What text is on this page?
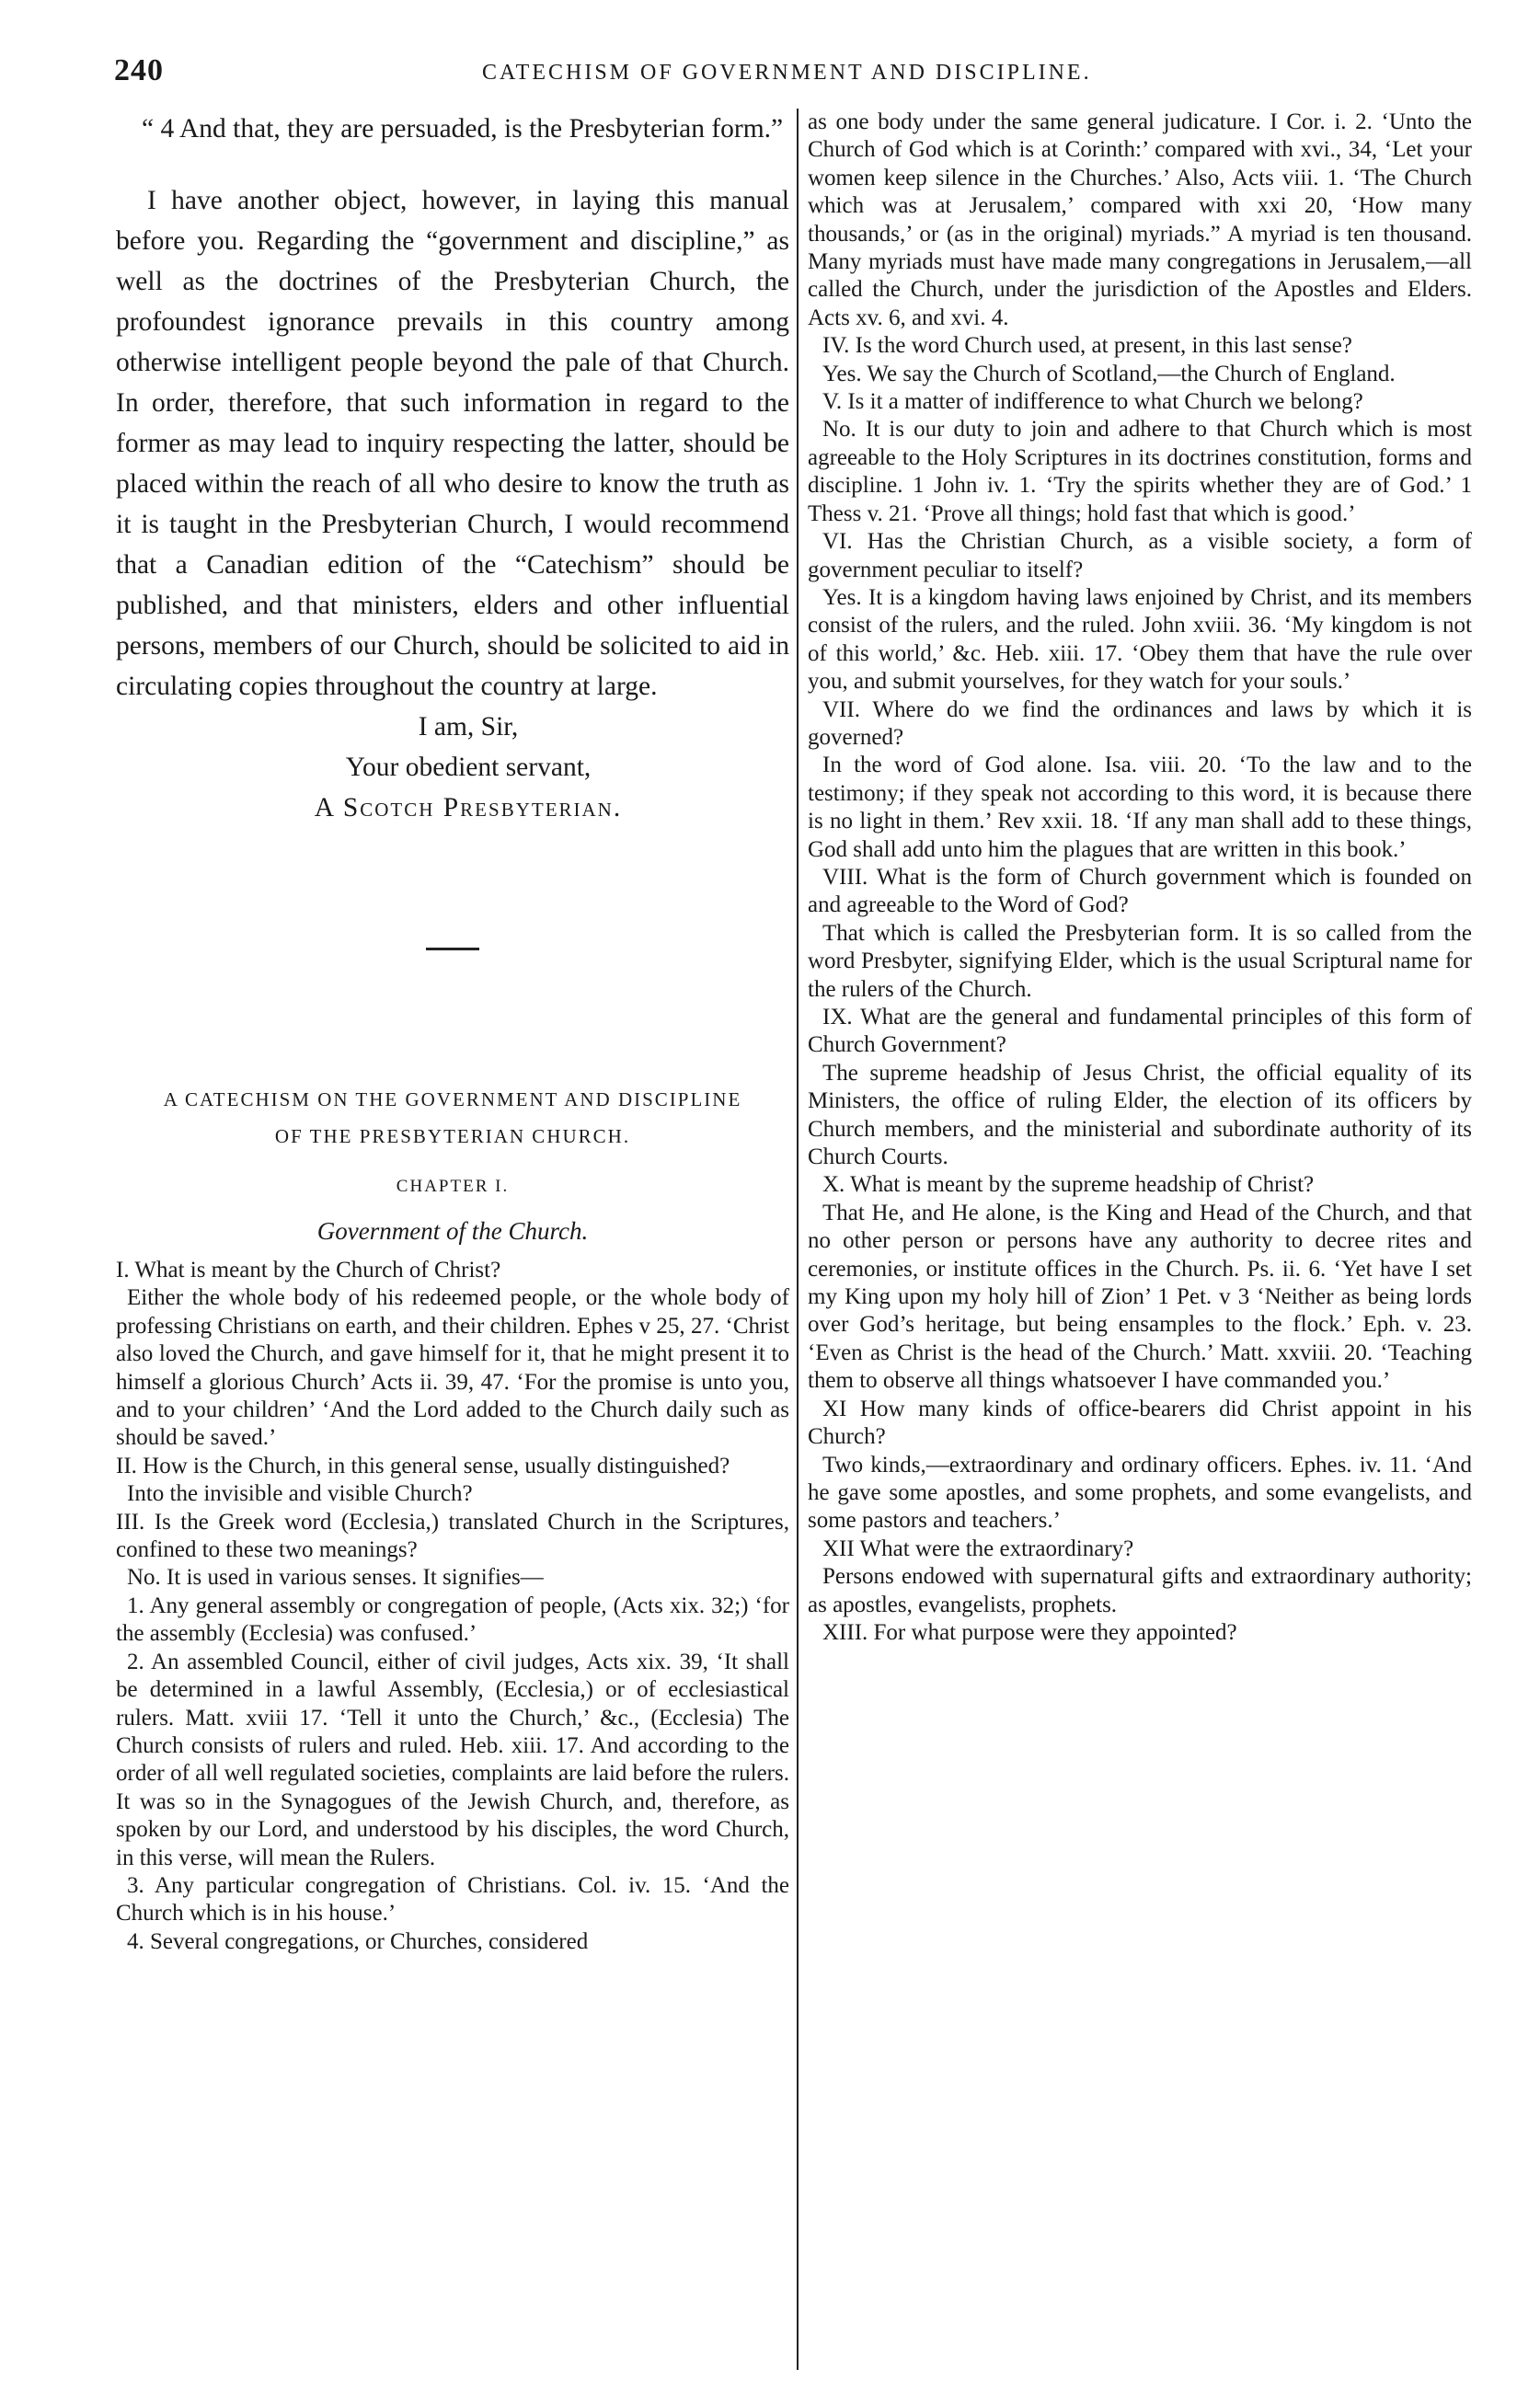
240	CATECHISM OF GOVERNMENT AND DISCIPLINE.

“ 4 And that, they are persuaded, is the Presbyterian form.”

I have another object, however, in laying this manual before you. Regarding the “government and discipline,” as well as the doctrines of the Presbyterian Church, the profoundest ignorance prevails in this country among otherwise intelligent people beyond the pale of that Church. In order, therefore, that such information in regard to the former as may lead to inquiry respecting the latter, should be placed within the reach of all who desire to know the truth as it is taught in the Presbyterian Church, I would recommend that a Canadian edition of the “Catechism” should be published, and that ministers, elders and other influential persons, members of our Church, should be solicited to aid in circulating copies throughout the country at large.

I am, Sir,

Your obedient servant,

A Scotch Presbyterian.

A CATECHISM ON THE GOVERNMENT AND DISCIPLINE
OF THE PRESBYTERIAN CHURCH.
CHAPTER I.
Government of the Church.

I. What is meant by the Church of Christ?

Either the whole body of his redeemed people, or the whole body of professing Christians on earth, and their children. Ephes v 25, 27. ‘Christ also loved the Church, and gave himself for it, that he might present it to himself a glorious Church’ Acts ii. 39, 47. ‘For the promise is unto you, and to your children’ ‘And the Lord added to the Church daily such as should be saved.’

II. How is the Church, in this general sense, usually distinguished?

Into the invisible and visible Church?

III. Is the Greek word (Ecclesia,) translated Church in the Scriptures, confined to these two meanings?

No. It is used in various senses. It signifies—

1. Any general assembly or congregation of people, (Acts xix. 32;) ‘for the assembly (Ecclesia) was confused.’

2. An assembled Council, either of civil judges, Acts xix. 39, ‘It shall be determined in a lawful Assembly, (Ecclesia,) or of ecclesiastical rulers. Matt. xviii 17. ‘Tell it unto the Church,’ &c., (Ecclesia) The Church consists of rulers and ruled. Heb. xiii. 17. And according to the order of all well regulated societies, complaints are laid before the rulers. It was so in the Synagogues of the Jewish Church, and, therefore, as spoken by our Lord, and understood by his disciples, the word Church, in this verse, will mean the Rulers.

3. Any particular congregation of Christians. Col. iv. 15. ‘And the Church which is in his house.’

4. Several congregations, or Churches, considered

as one body under the same general judicature. I Cor. i. 2. ‘Unto the Church of God which is at Corinth:’ compared with xvi., 34, ‘Let your women keep silence in the Churches.’ Also, Acts viii. 1. ‘The Church which was at Jerusalem,’ compared with xxi 20, ‘How many thousands,’ or (as in the original) myriads.” A myriad is ten thousand. Many myriads must have made many congregations in Jerusalem,—all called the Church, under the jurisdiction of the Apostles and Elders. Acts xv. 6, and xvi. 4.

IV. Is the word Church used, at present, in this last sense?

Yes. We say the Church of Scotland,—the Church of England.

V. Is it a matter of indifference to what Church we belong?

No. It is our duty to join and adhere to that Church which is most agreeable to the Holy Scriptures in its doctrines constitution, forms and discipline. 1 John iv. 1. ‘Try the spirits whether they are of God.’ 1 Thess v. 21. ‘Prove all things; hold fast that which is good.’

VI. Has the Christian Church, as a visible society, a form of government peculiar to itself?

Yes. It is a kingdom having laws enjoined by Christ, and its members consist of the rulers, and the ruled. John xviii. 36. ‘My kingdom is not of this world,’ &c. Heb. xiii. 17. ‘Obey them that have the rule over you, and submit yourselves, for they watch for your souls.’

VII. Where do we find the ordinances and laws by which it is governed?

In the word of God alone. Isa. viii. 20. ‘To the law and to the testimony; if they speak not according to this word, it is because there is no light in them.’ Rev xxii. 18. ‘If any man shall add to these things, God shall add unto him the plagues that are written in this book.’

VIII. What is the form of Church government which is founded on and agreeable to the Word of God?

That which is called the Presbyterian form. It is so called from the word Presbyter, signifying Elder, which is the usual Scriptural name for the rulers of the Church.

IX. What are the general and fundamental principles of this form of Church Government?

The supreme headship of Jesus Christ, the official equality of its Ministers, the office of ruling Elder, the election of its officers by Church members, and the ministerial and subordinate authority of its Church Courts.

X. What is meant by the supreme headship of Christ?

That He, and He alone, is the King and Head of the Church, and that no other person or persons have any authority to decree rites and ceremonies, or institute offices in the Church. Ps. ii. 6. ‘Yet have I set my King upon my holy hill of Zion’ 1 Pet. v 3 ‘Neither as being lords over God’s heritage, but being ensamples to the flock.’ Eph. v. 23. ‘Even as Christ is the head of the Church.’ Matt. xxviii. 20. ‘Teaching them to observe all things whatsoever I have commanded you.’

XI How many kinds of office-bearers did Christ appoint in his Church?

Two kinds,—extraordinary and ordinary officers. Ephes. iv. 11. ‘And he gave some apostles, and some prophets, and some evangelists, and some pastors and teachers.’

XII What were the extraordinary?

Persons endowed with supernatural gifts and extraordinary authority; as apostles, evangelists, prophets.

XIII. For what purpose were they appointed?
